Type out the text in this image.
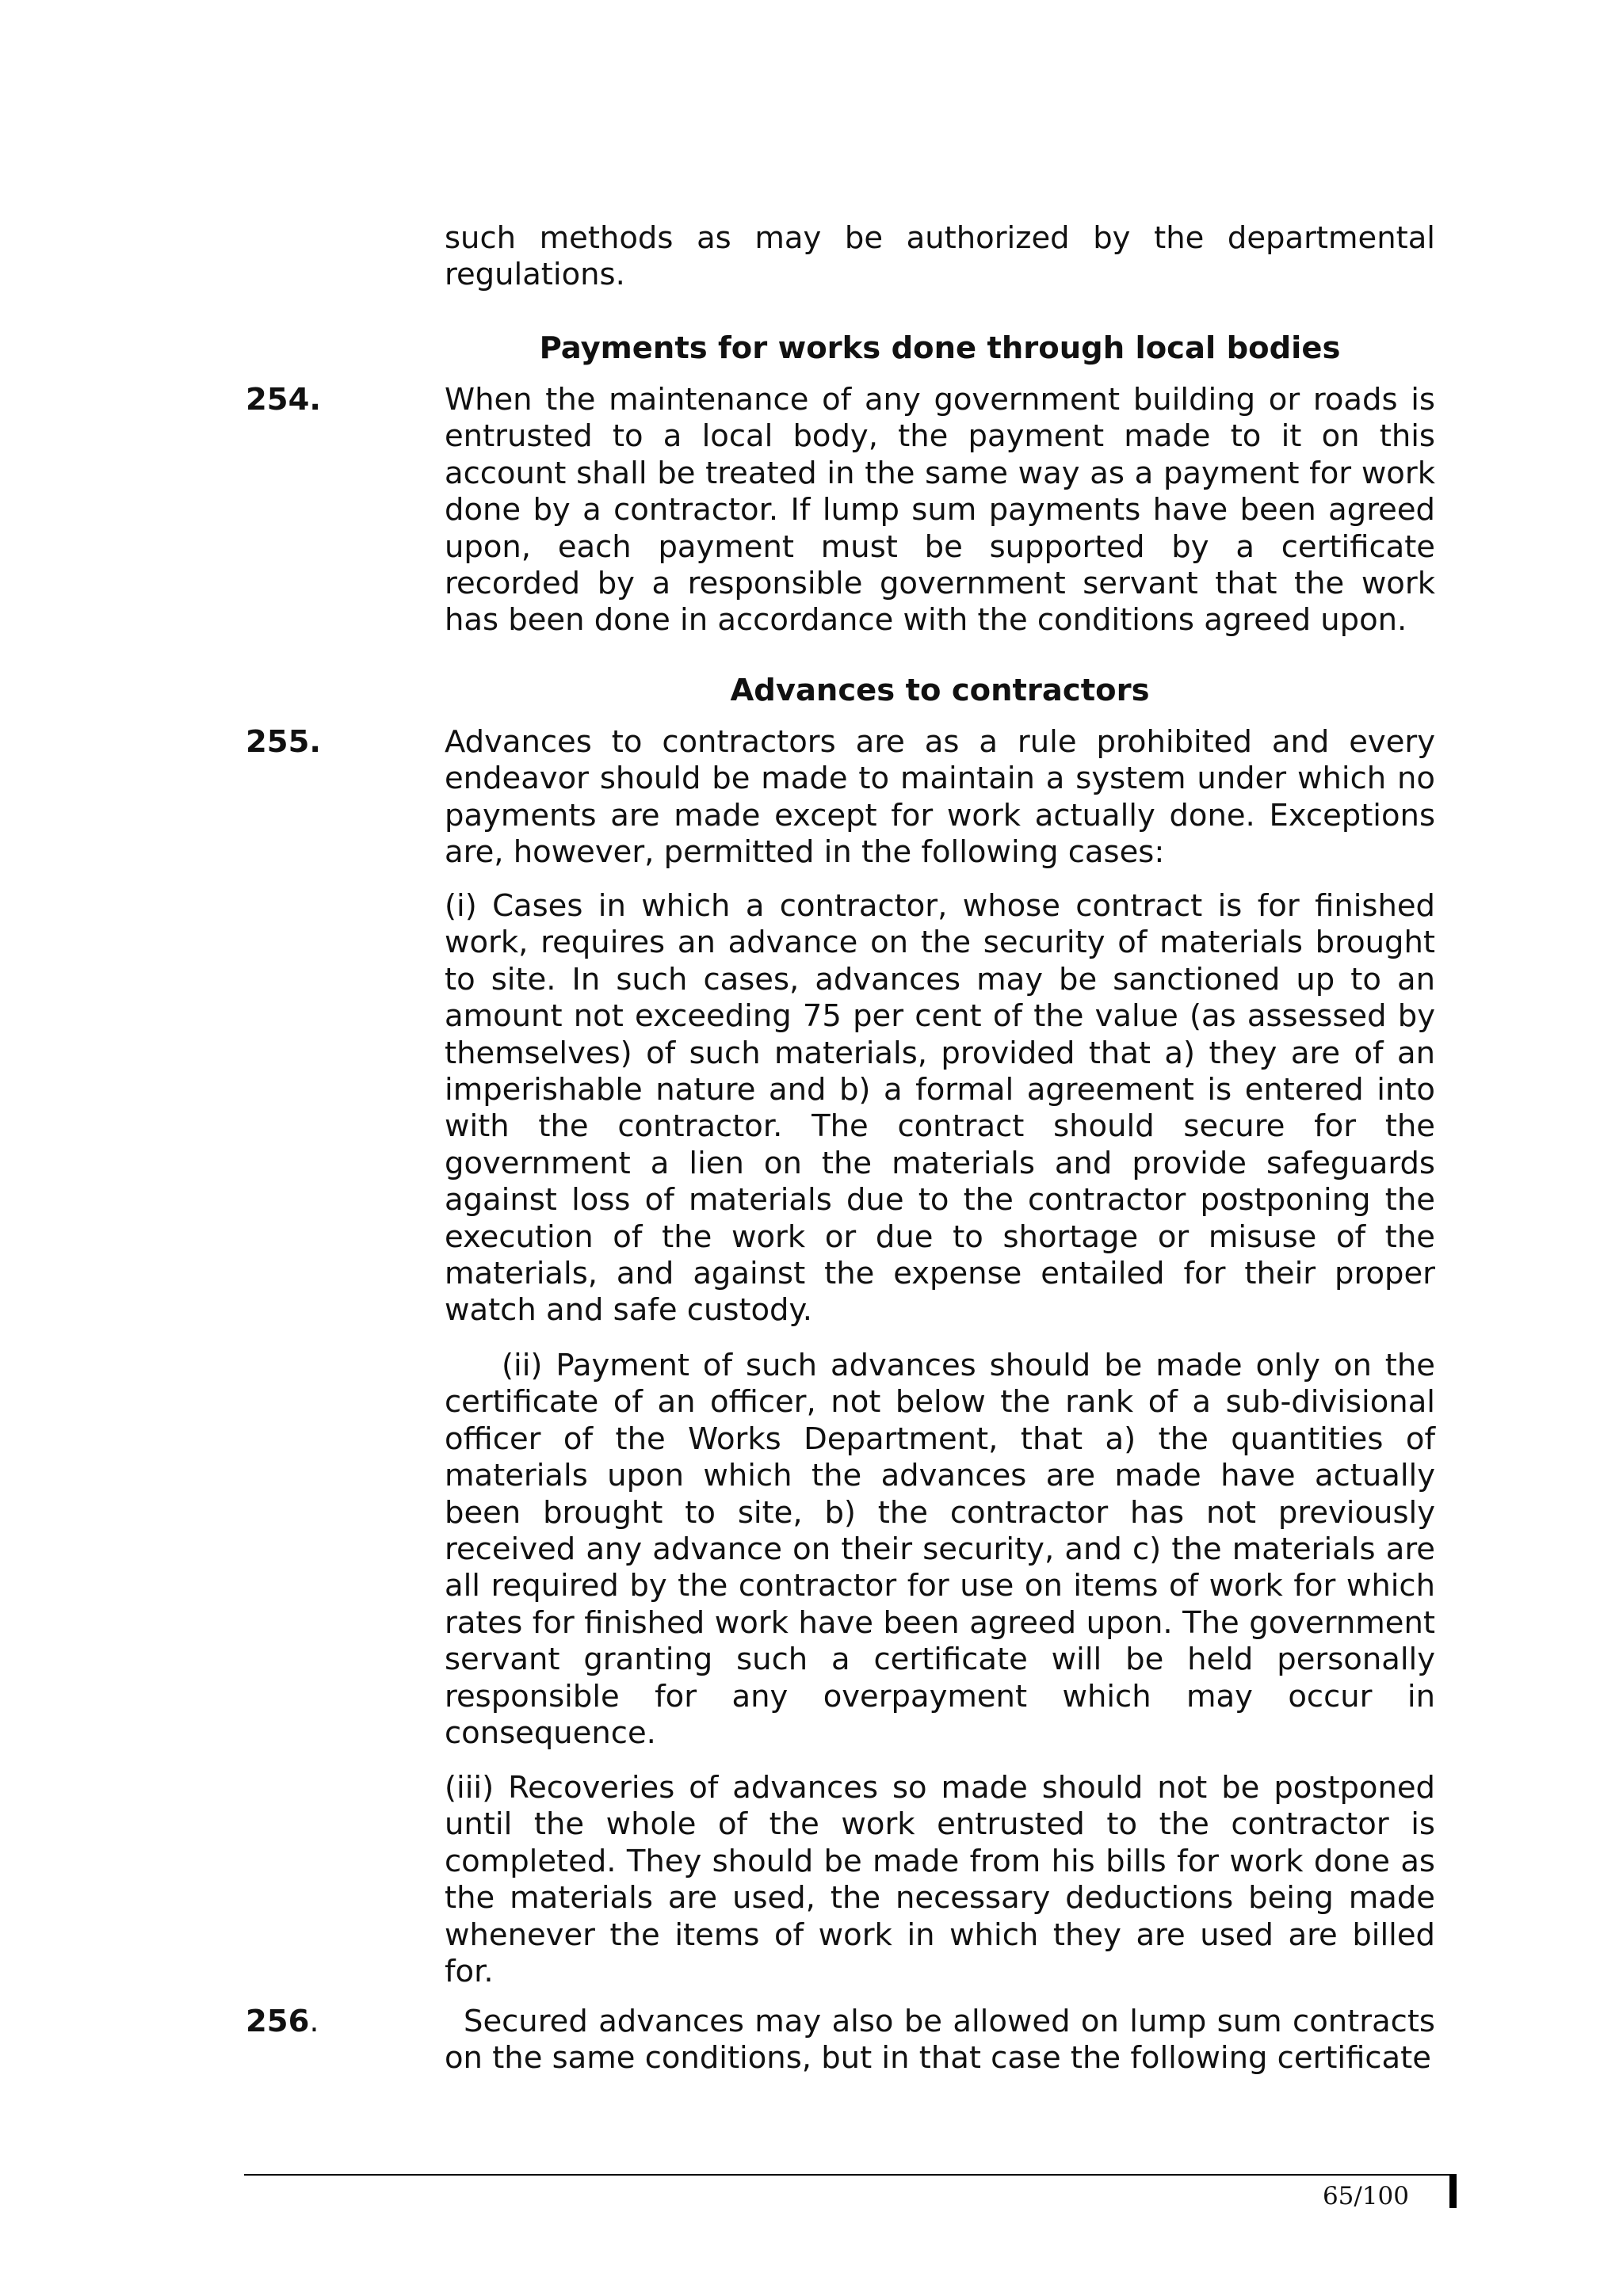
such methods as may be authorized by the departmental regulations.
Payments for works done through local bodies
254.	When the maintenance of any government building or roads is entrusted to a local body, the payment made to it on this account shall be treated in the same way as a payment for work done by a contractor. If lump sum payments have been agreed upon, each payment must be supported by a certificate recorded by a responsible government servant that the work has been done in accordance with the conditions agreed upon.
Advances to contractors
255.	Advances to contractors are as a rule prohibited and every endeavor should be made to maintain a system under which no payments are made except for work actually done. Exceptions are, however, permitted in the following cases:
(i) Cases in which a contractor, whose contract is for finished work, requires an advance on the security of materials brought to site. In such cases, advances may be sanctioned up to an amount not exceeding 75 per cent of the value (as assessed by themselves) of such materials, provided that a) they are of an imperishable nature and b) a formal agreement is entered into with the contractor. The contract should secure for the government a lien on the materials and provide safeguards against loss of materials due to the contractor postponing the execution of the work or due to shortage or misuse of the materials, and against the expense entailed for their proper watch and safe custody.
(ii) Payment of such advances should be made only on the certificate of an officer, not below the rank of a sub-divisional officer of the Works Department, that a) the quantities of materials upon which the advances are made have actually been brought to site, b) the contractor has not previously received any advance on their security, and c) the materials are all required by the contractor for use on items of work for which rates for finished work have been agreed upon. The government servant granting such a certificate will be held personally responsible for any overpayment which may occur in consequence.
(iii) Recoveries of advances so made should not be postponed until the whole of the work entrusted to the contractor is completed. They should be made from his bills for work done as the materials are used, the necessary deductions being made whenever the items of work in which they are used are billed for.
256.	Secured advances may also be allowed on lump sum contracts on the same conditions, but in that case the following certificate
65/100
